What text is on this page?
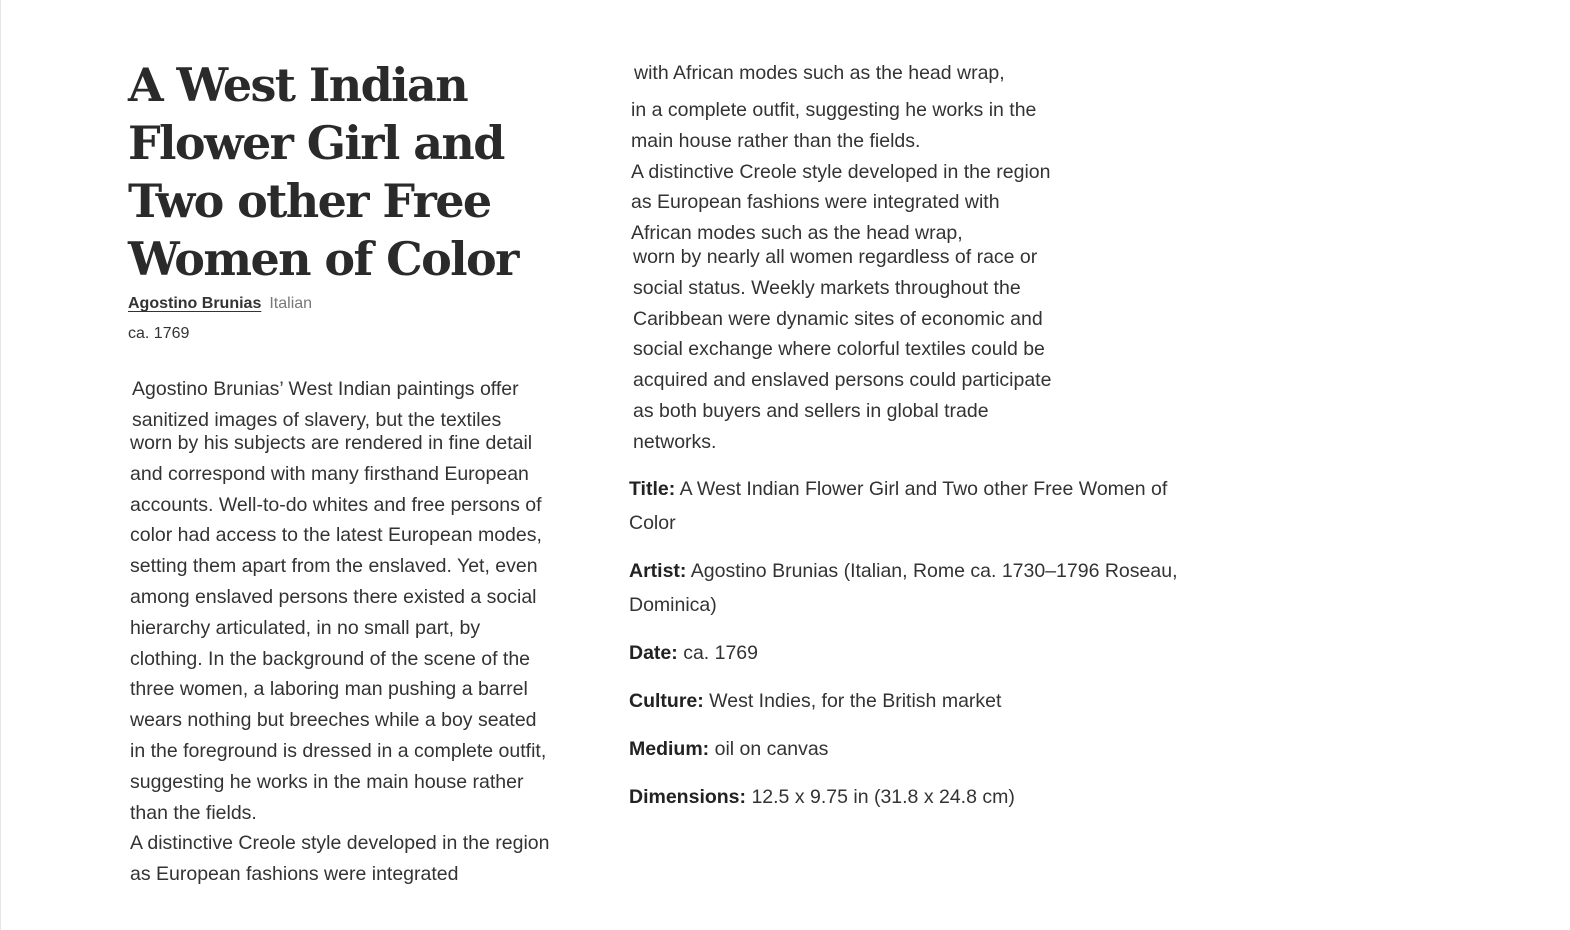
A West Indian Flower Girl and Two other Free Women of Color
Agostino Brunias Italian
ca. 1769

Agostino Brunias’ West Indian paintings offer sanitized images of slavery, but the textiles

worn by his subjects are rendered in fine detail and correspond with many firsthand European accounts. Well-to-do whites and free persons of color had access to the latest European modes, setting them apart from the enslaved. Yet, even among enslaved persons there existed a social hierarchy articulated, in no small part, by clothing. In the background of the scene of the three women, a laboring man pushing a barrel wears nothing but breeches while a boy seated in the foreground is dressed in a complete outfit, suggesting he works in the main house rather than the fields.

A distinctive Creole style developed in the region as European fashions were integrated

with African modes such as the head wrap,

in a complete outfit, suggesting he works in the main house rather than the fields.

A distinctive Creole style developed in the region as European fashions were integrated with African modes such as the head wrap,

worn by nearly all women regardless of race or social status. Weekly markets throughout the Caribbean were dynamic sites of economic and social exchange where colorful textiles could be acquired and enslaved persons could participate as both buyers and sellers in global trade networks.

Title: A West Indian Flower Girl and Two other Free Women of Color

Artist: Agostino Brunias (Italian, Rome ca. 1730–1796 Roseau, Dominica)

Date: ca. 1769

Culture: West Indies, for the British market

Medium: oil on canvas

Dimensions: 12.5 x 9.75 in (31.8 x 24.8 cm)
